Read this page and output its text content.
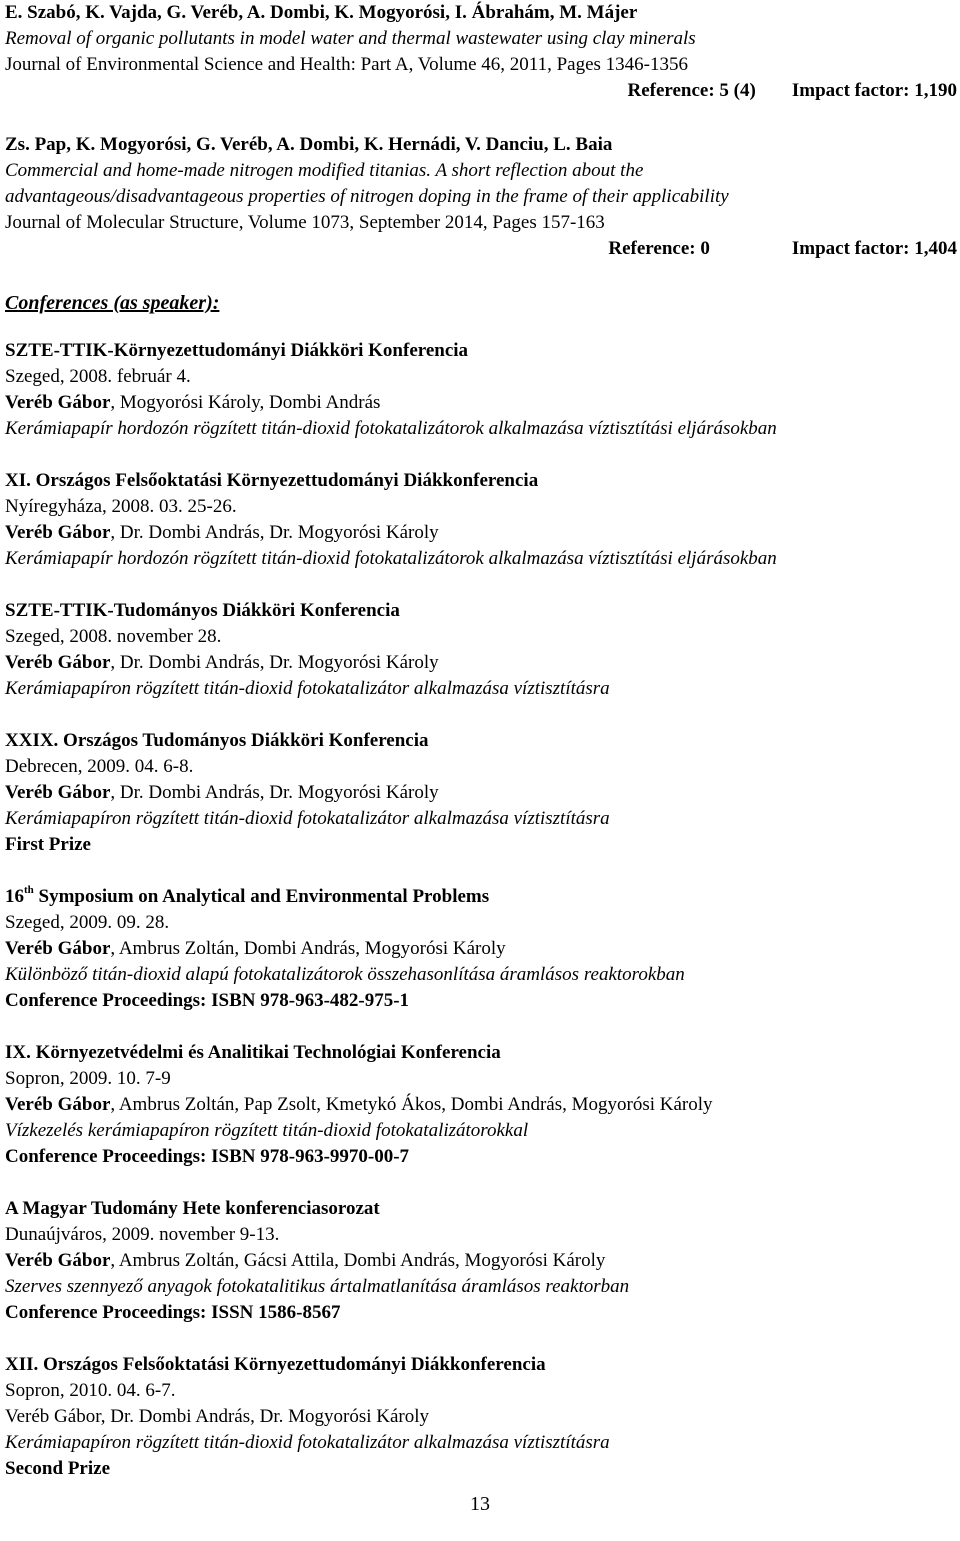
E. Szabó, K. Vajda, G. Veréb, A. Dombi, K. Mogyorósi, I. Ábrahám, M. Májer
Removal of organic pollutants in model water and thermal wastewater using clay minerals
Journal of Environmental Science and Health: Part A, Volume 46, 2011, Pages 1346-1356
Reference: 5 (4) Impact factor: 1,190
Zs. Pap, K. Mogyorósi, G. Veréb, A. Dombi, K. Hernádi, V. Danciu, L. Baia
Commercial and home-made nitrogen modified titanias. A short reflection about the
advantageous/disadvantageous properties of nitrogen doping in the frame of their applicability
Journal of Molecular Structure, Volume 1073, September 2014, Pages 157-163
Reference: 0	Impact factor: 1,404
Conferences (as speaker):
SZTE-TTIK-Környezettudományi Diákköri Konferencia
Szeged, 2008. február 4.
Veréb Gábor, Mogyorósi Károly, Dombi András
Kerámiapapír hordozón rögzített titán-dioxid fotokatalizátorok alkalmazása víztisztítási eljárásokban
XI. Országos Felsőoktatási Környezettudományi Diákkonferencia
Nyíregyháza, 2008. 03. 25-26.
Veréb Gábor, Dr. Dombi András, Dr. Mogyorósi Károly
Kerámiapapír hordozón rögzített titán-dioxid fotokatalizátorok alkalmazása víztisztítási eljárásokban
SZTE-TTIK-Tudományos Diákköri Konferencia
Szeged, 2008. november 28.
Veréb Gábor, Dr. Dombi András, Dr. Mogyorósi Károly
Kerámiapapíron rögzített titán-dioxid fotokatalizátor alkalmazása víztisztításra
XXIX. Országos Tudományos Diákköri Konferencia
Debrecen, 2009. 04. 6-8.
Veréb Gábor, Dr. Dombi András, Dr. Mogyorósi Károly
Kerámiapapíron rögzített titán-dioxid fotokatalizátor alkalmazása víztisztításra
First Prize
16th Symposium on Analytical and Environmental Problems
Szeged, 2009. 09. 28.
Veréb Gábor, Ambrus Zoltán, Dombi András, Mogyorósi Károly
Különböző titán-dioxid alapú fotokatalizátorok összehasonlítása áramlásos reaktorokban
Conference Proceedings: ISBN 978-963-482-975-1
IX. Környezetvédelmi és Analitikai Technológiai Konferencia
Sopron, 2009. 10. 7-9
Veréb Gábor, Ambrus Zoltán, Pap Zsolt, Kmetykó Ákos, Dombi András, Mogyorósi Károly
Vízkezelés kerámiapapíron rögzített titán-dioxid fotokatalizátorokkal
Conference Proceedings: ISBN 978-963-9970-00-7
A Magyar Tudomány Hete konferenciasorozat
Dunaújváros, 2009. november 9-13.
Veréb Gábor, Ambrus Zoltán, Gácsi Attila, Dombi András, Mogyorósi Károly
Szerves szennyező anyagok fotokatalitikus ártalmatlanítása áramlásos reaktorban
Conference Proceedings: ISSN 1586-8567
XII. Országos Felsőoktatási Környezettudományi Diákkonferencia
Sopron, 2010. 04. 6-7.
Veréb Gábor, Dr. Dombi András, Dr. Mogyorósi Károly
Kerámiapapíron rögzített titán-dioxid fotokatalizátor alkalmazása víztisztításra
Second Prize
13
